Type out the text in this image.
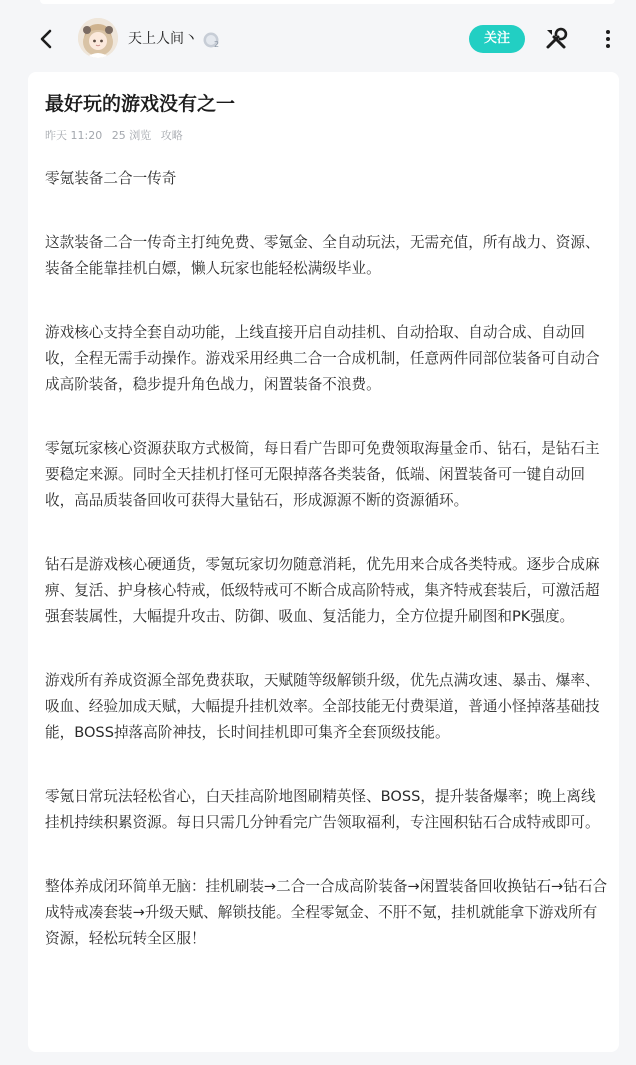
天上人间丶 2	关注
最好玩的游戏没有之一
昨天 11:20 25 浏览 攻略

零氪装备二合一传奇

这款装备二合一传奇主打纯免费、零氪金、全自动玩法，无需充值，所有战力、资源、装备全能靠挂机白嫖，懒人玩家也能轻松满级毕业。

游戏核心支持全套自动功能，上线直接开启自动挂机、自动拾取、自动合成、自动回收，全程无需手动操作。游戏采用经典二合一合成机制，任意两件同部位装备可自动合成高阶装备，稳步提升角色战力，闲置装备不浪费。

零氪玩家核心资源获取方式极简，每日看广告即可免费领取海量金币、钻石，是钻石主要稳定来源。同时全天挂机打怪可无限掉落各类装备，低端、闲置装备可一键自动回收，高品质装备回收可获得大量钻石，形成源源不断的资源循环。

钻石是游戏核心硬通货，零氪玩家切勿随意消耗，优先用来合成各类特戒。逐步合成麻痹、复活、护身核心特戒，低级特戒可不断合成高阶特戒，集齐特戒套装后，可激活超强套装属性，大幅提升攻击、防御、吸血、复活能力，全方位提升刷图和PK强度。

游戏所有养成资源全部免费获取，天赋随等级解锁升级，优先点满攻速、暴击、爆率、吸血、经验加成天赋，大幅提升挂机效率。全部技能无付费渠道，普通小怪掉落基础技能，BOSS掉落高阶神技，长时间挂机即可集齐全套顶级技能。

零氪日常玩法轻松省心，白天挂高阶地图刷精英怪、BOSS，提升装备爆率；晚上离线挂机持续积累资源。每日只需几分钟看完广告领取福利，专注囤积钻石合成特戒即可。

整体养成闭环简单无脑：挂机刷装→二合一合成高阶装备→闲置装备回收换钻石→钻石合成特戒凑套装→升级天赋、解锁技能。全程零氪金、不肝不氪，挂机就能拿下游戏所有资源，轻松玩转全区服！
